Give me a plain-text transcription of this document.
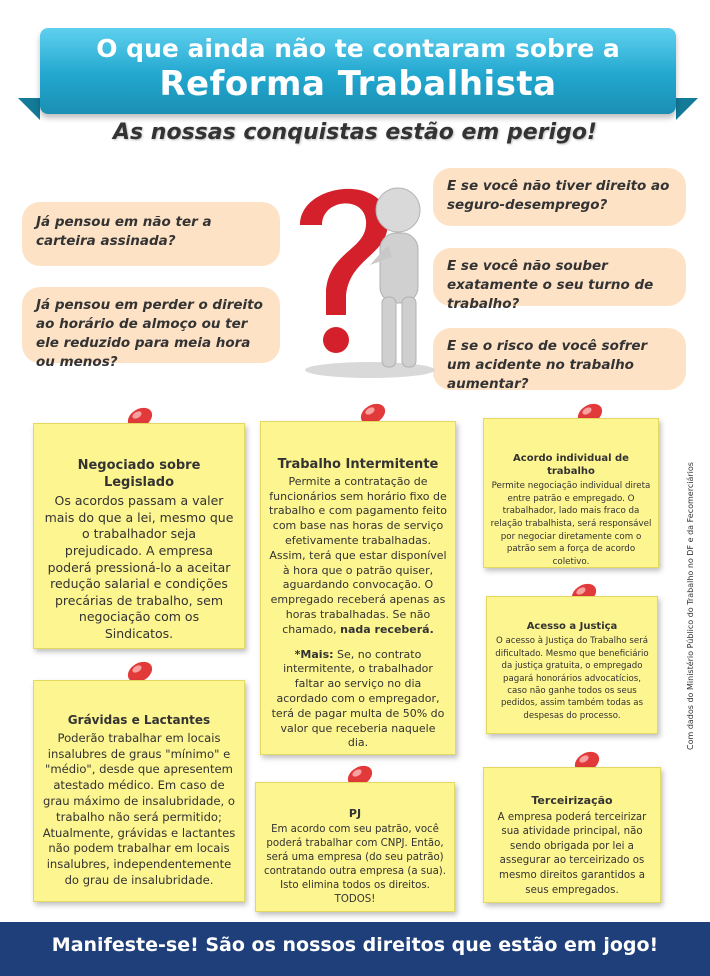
O que ainda não te contaram sobre a
Reforma Trabalhista
As nossas conquistas estão em perigo!
Já pensou em não ter a carteira assinada?
Já pensou em perder o direito ao horário de almoço ou ter ele reduzido para meia hora ou menos?
E se você não tiver direito ao seguro-desemprego?
E se você não souber exatamente o seu turno de trabalho?
E se o risco de você sofrer um acidente no trabalho aumentar?
Negociado sobre Legislado

Os acordos passam a valer mais do que a lei, mesmo que o trabalhador seja prejudicado. A empresa poderá pressioná-lo a aceitar redução salarial e condições precárias de trabalho, sem negociação com os Sindicatos.

Trabalho Intermitente

Permite a contratação de funcionários sem horário fixo de trabalho e com pagamento feito com base nas horas de serviço efetivamente trabalhadas.

Assim, terá que estar disponível à hora que o patrão quiser, aguardando convocação. O empregado receberá apenas as horas trabalhadas. Se não chamado, nada receberá.

*Mais: Se, no contrato intermitente, o trabalhador faltar ao serviço no dia acordado com o empregador, terá de pagar multa de 50% do valor que receberia naquele dia.

Acordo individual de trabalho

Permite negociação individual direta entre patrão e empregado. O trabalhador, lado mais fraco da relação trabalhista, será responsável por negociar diretamente com o patrão sem a força de acordo coletivo.

Acesso a Justiça

O acesso à Justiça do Trabalho será dificultado. Mesmo que beneficiário da justiça gratuita, o empregado pagará honorários advocatícios, caso não ganhe todos os seus pedidos, assim também todas as despesas do processo.

Grávidas e Lactantes

Poderão trabalhar em locais insalubres de graus "mínimo" e "médio", desde que apresentem atestado médico. Em caso de grau máximo de insalubridade, o trabalho não será permitido; Atualmente, grávidas e lactantes não podem trabalhar em locais insalubres, independentemente do grau de insalubridade.

PJ

Em acordo com seu patrão, você poderá trabalhar com CNPJ. Então, será uma empresa (do seu patrão) contratando outra empresa (a sua). Isto elimina todos os direitos. TODOS!

Terceirização

A empresa poderá terceirizar sua atividade principal, não sendo obrigada por lei a assegurar ao terceirizado os mesmo direitos garantidos a seus empregados.

Com dados do Ministério Público do Trabalho no DF e da Fecomerciários
Manifeste-se! São os nossos direitos que estão em jogo!
